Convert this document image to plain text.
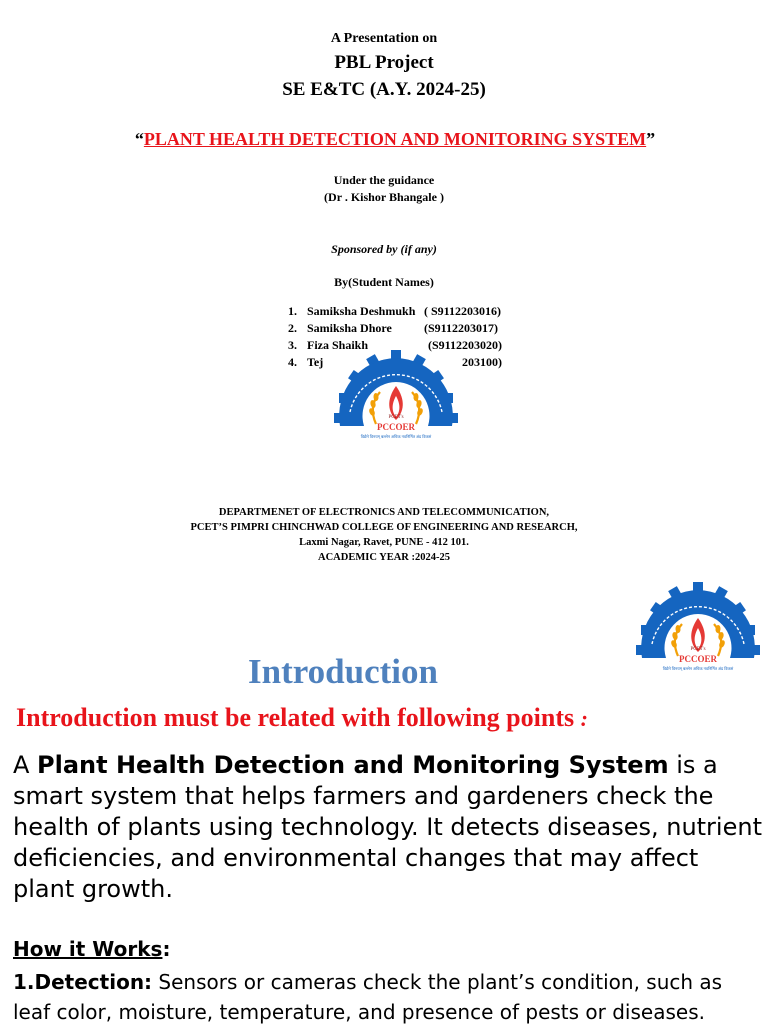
A Presentation on
PBL Project
SE E&TC (A.Y. 2024-25)
“PLANT HEALTH DETECTION AND MONITORING SYSTEM”
Under the guidance
(Dr . Kishor Bhangale )
Sponsored by (if any)
By(Student Names)
1. Samiksha Deshmukh ( S9112203016)
2. Samiksha Dhore	(S9112203017)
3. Fiza Shaikh	(S9112203020)
4. Tej	203100)
PCET's
PCCOER
विद्येने विनयम् बल्लेन अधिक नवनिर्मित अंड विकसं
DEPARTMENET OF ELECTRONICS AND TELECOMMUNICATION,
PCET’S PIMPRI CHINCHWAD COLLEGE OF ENGINEERING AND RESEARCH,
Laxmi Nagar, Ravet, PUNE - 412 101.
ACADEMIC YEAR :2024-25
PCET's
PCCOER
विद्येने विनयम् बल्लेन अधिक नवनिर्मित अंड विकसं
Introduction
Introduction must be related with following points :
A Plant Health Detection and Monitoring System is a smart system that helps farmers and gardeners check the health of plants using technology. It detects diseases, nutrient deficiencies, and environmental changes that may affect plant growth.
How it Works:
1.Detection: Sensors or cameras check the plant’s condition, such as leaf color, moisture, temperature, and presence of pests or diseases.
